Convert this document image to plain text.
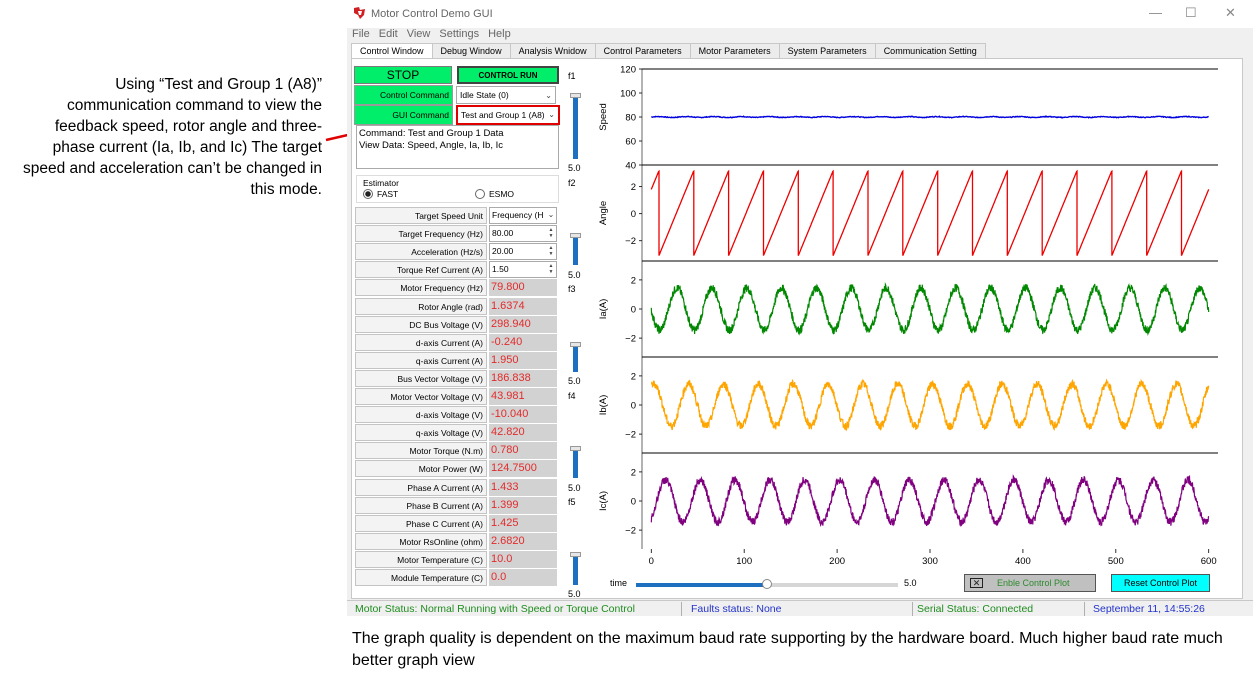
Using “Test and Group 1 (A8)” communication command to view the feedback speed, rotor angle and three-phase current (Ia, Ib, and Ic) The target speed and acceleration can’t be changed in this mode.
Motor Control Demo GUI	— ☐ ✕
File Edit View Settings Help
Control Window	Debug Window	Analysis Wnidow	Control Parameters	Motor Parameters	System Parameters	Communication Setting
STOP	CONTROL RUN
Control Command	Idle State (0)	⌄
GUI Command	Test and Group 1 (A8) ⌄
Command: Test and Group 1 Data
View Data: Speed, Angle, Ia, Ib, Ic
Estimator
FAST	ESMO
Target Speed Unit	Frequency (H ⌄
Target Frequency (Hz)	80.00	▲
▼
Acceleration (Hz/s)	20.00	▲
▼
Torque Ref Current (A)	1.50	▲
▼
Motor Frequency (Hz) 79.800
Rotor Angle (rad) 1.6374
DC Bus Voltage (V) 298.940
d-axis Current (A) -0.240
q-axis Current (A) 1.950
Bus Vector Voltage (V) 186.838
Motor Vector Voltage (V) 43.981
d-axis Voltage (V) -10.040
q-axis Voltage (V) 42.820
Motor Torque (N.m) 0.780
Motor Power (W) 124.7500
Phase A Current (A) 1.433
Phase B Current (A) 1.399
Phase C Current (A) 1.425
Motor RsOnline (ohm) 2.6820
Motor Temperature (C) 10.0
Module Temperature (C) 0.0
f1
5.0
f2
5.0
f3
5.0
f4
5.0
f5
5.0
40
60
80
100
120
Speed
−2
0
2
Angle
−2
0
2
Ia(A)
−2
0
2
Ib(A)
−2
0
2
Ic(A)
0	100	200	300	400	500	600
time	5.0	✕	Enble Control Plot	Reset Control Plot
Motor Status: Normal Running with Speed or Torque Control	Faults status: None	Serial Status: Connected	September 11, 14:55:26
The graph quality is dependent on the maximum baud rate supporting by the hardware board. Much higher baud rate much better graph view
